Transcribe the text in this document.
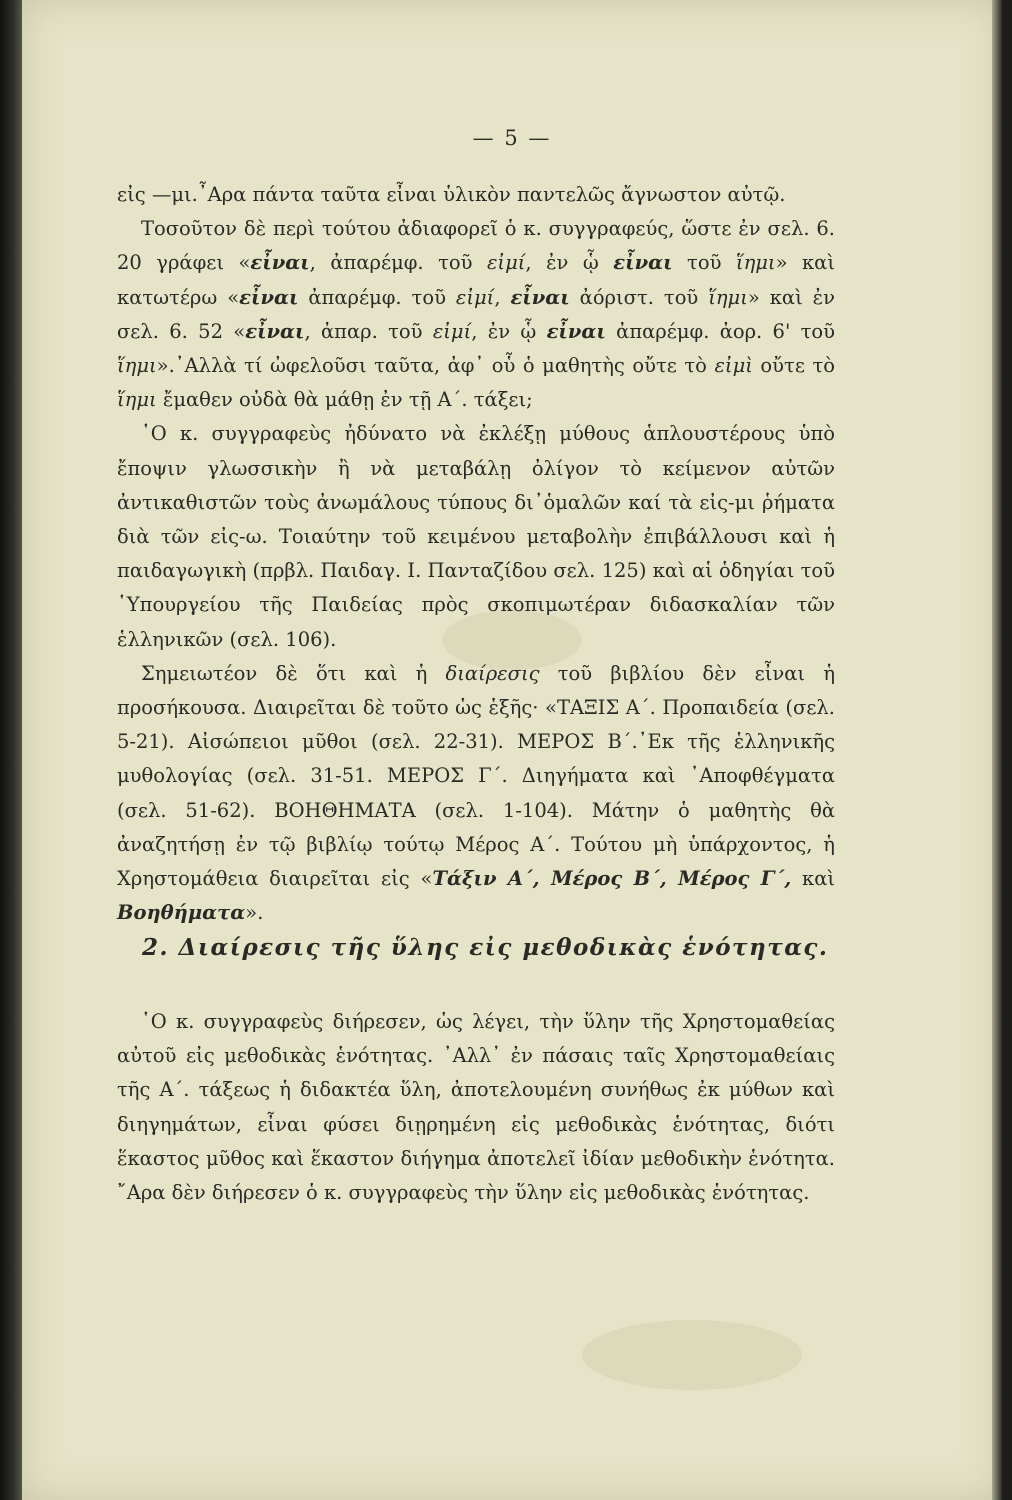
— 5 —

εἰς —μι.῏Αρα πάντα ταῦτα εἶναι ὑλικὸν παντελῶς ἄγνωστον αὐτῷ.

Τοσοῦτον δὲ περὶ τούτου ἀδιαφορεῖ ὁ κ. συγγραφεύς, ὥστε ἐν σελ. 6. 20 γράφει «εἶναι, ἀπαρέμφ. τοῦ εἰμί, ἐν ᾧ εἶναι τοῦ ἵημι» καὶ κατωτέρω «εἶναι ἀπαρέμφ. τοῦ εἰμί, εἶναι ἀόριστ. τοῦ ἵημι» καὶ ἐν σελ. 6. 52 «εἶναι, ἀπαρ. τοῦ εἰμί, ἐν ᾧ εἶναι ἀπαρέμφ. ἀορ. 6' τοῦ ἵημι».᾿Αλλὰ τί ὠφελοῦσι ταῦτα, ἀφ᾿ οὗ ὁ μαθητὴς οὔτε τὸ εἰμὶ οὔτε τὸ ἵημι ἔμαθεν οὐδὰ θὰ μάθῃ ἐν τῇ Α΄. τάξει;

῾Ο κ. συγγραφεὺς ἠδύνατο νὰ ἐκλέξῃ μύθους ἁπλουστέρους ὑπὸ ἔποψιν γλωσσικὴν ἢ νὰ μεταβάλῃ ὀλίγον τὸ κείμενον αὐτῶν ἀντικαθιστῶν τοὺς ἀνωμάλους τύπους δι᾿ὁμαλῶν καί τὰ εἰς-μι ῥήματα διὰ τῶν εἰς-ω. Τοιαύτην τοῦ κειμένου μεταβολὴν ἐπιβάλλουσι καὶ ἡ παιδαγωγικὴ (πρβλ. Παιδαγ. Ι. Πανταζίδου σελ. 125) καὶ αἱ ὁδηγίαι τοῦ ῾Υπουργείου τῆς Παιδείας πρὸς σκοπιμωτέραν διδασκαλίαν τῶν ἑλληνικῶν (σελ. 106).

Σημειωτέον δὲ ὅτι καὶ ἡ διαίρεσις τοῦ βιβλίου δὲν εἶναι ἡ προσήκουσα. Διαιρεῖται δὲ τοῦτο ὡς ἑξῆς· «ΤΑΞΙΣ Α΄. Προπαιδεία (σελ. 5-21). Αἰσώπειοι μῦθοι (σελ. 22-31). ΜΕΡΟΣ Β΄.᾿Εκ τῆς ἑλληνικῆς μυθολογίας (σελ. 31-51. ΜΕΡΟΣ Γ΄. Διηγήματα καὶ ᾿Αποφθέγματα (σελ. 51-62). ΒΟΗΘΗΜΑΤΑ (σελ. 1-104). Μάτην ὁ μαθητὴς θὰ ἀναζητήσῃ ἐν τῷ βιβλίῳ τούτῳ Μέρος Α΄. Τούτου μὴ ὑπάρχοντος, ἡ Χρηστομάθεια διαιρεῖται εἰς «Τάξιν Α΄, Μέρος Β΄, Μέρος Γ΄, καὶ Βοηθήματα».

2. Διαίρεσις τῆς ὕλης εἰς μεθοδικὰς ἑνότητας.

῾Ο κ. συγγραφεὺς διήρεσεν, ὡς λέγει, τὴν ὕλην τῆς Χρηστομαθείας αὐτοῦ εἰς μεθοδικὰς ἑνότητας. ᾿Αλλ᾿ ἐν πάσαις ταῖς Χρηστομαθείαις τῆς Α΄. τάξεως ἡ διδακτέα ὕλη, ἀποτελουμένη συνήθως ἐκ μύθων καὶ διηγημάτων, εἶναι φύσει διῃρημένη εἰς μεθοδικὰς ἑνότητας, διότι ἕκαστος μῦθος καὶ ἕκαστον διήγημα ἀποτελεῖ ἰδίαν μεθοδικὴν ἑνότητα. ῎Αρα δὲν διήρεσεν ὁ κ. συγγραφεὺς τὴν ὕλην εἰς μεθοδικὰς ἑνότητας.
